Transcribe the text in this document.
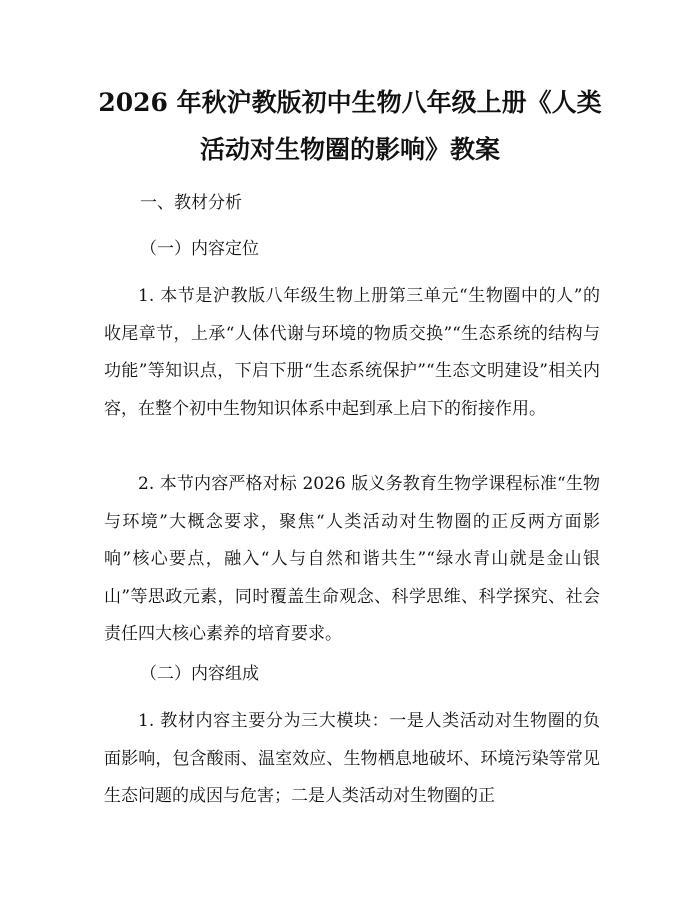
2026 年秋沪教版初中生物八年级上册《人类
活动对生物圈的影响》教案
一、教材分析
（一）内容定位

1. 本节是沪教版八年级生物上册第三单元“生物圈中的人”的收尾章节，上承“人体代谢与环境的物质交换”“生态系统的结构与功能”等知识点，下启下册“生态系统保护”“生态文明建设”相关内容，在整个初中生物知识体系中起到承上启下的衔接作用。

2. 本节内容严格对标 2026 版义务教育生物学课程标准“生物与环境”大概念要求，聚焦“人类活动对生物圈的正反两方面影响”核心要点，融入“人与自然和谐共生”“绿水青山就是金山银山”等思政元素，同时覆盖生命观念、科学思维、科学探究、社会责任四大核心素养的培育要求。

（二）内容组成

1. 教材内容主要分为三大模块：一是人类活动对生物圈的负面影响，包含酸雨、温室效应、生物栖息地破坏、环境污染等常见生态问题的成因与危害；二是人类活动对生物圈的正
